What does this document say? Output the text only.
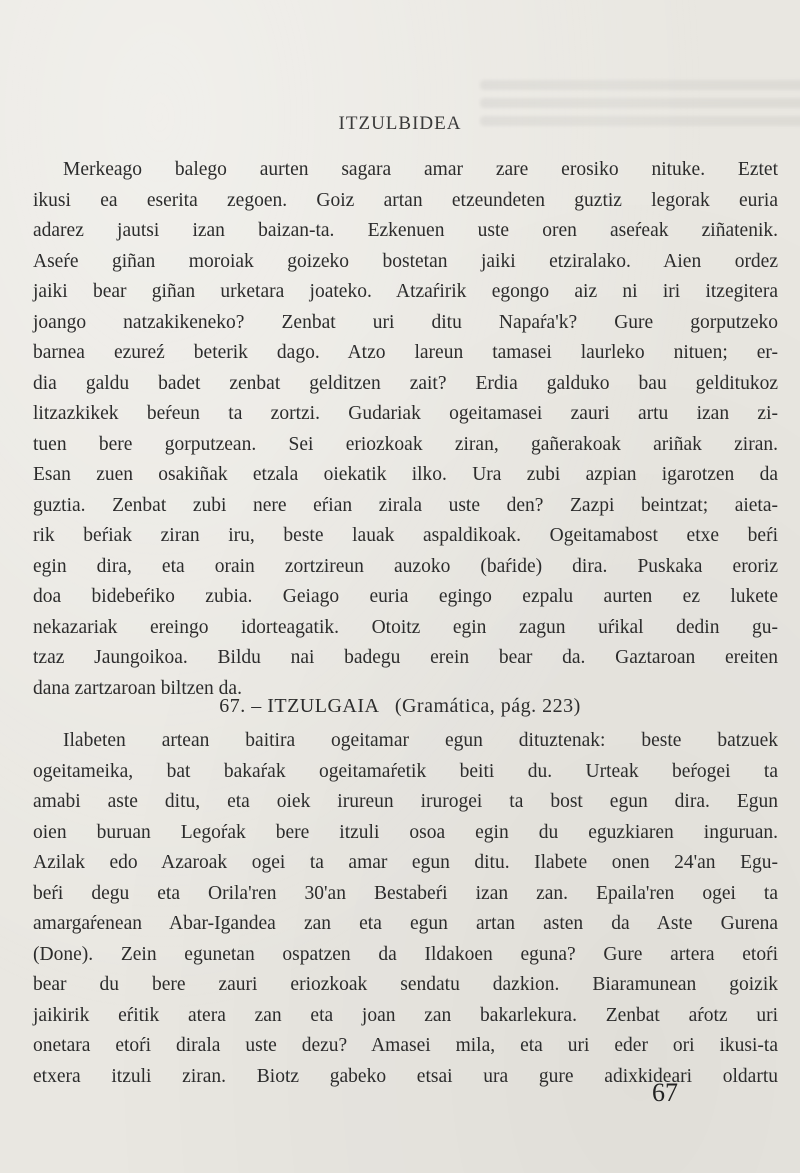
ITZULBIDEA
Merkeago balego aurten sagara amar zare erosiko nituke. Eztet
ikusi ea eserita zegoen. Goiz artan etzeundeten guztiz legorak euria
adarez jautsi izan baizan-ta. Ezkenuen uste oren aseŕeak ziñatenik.
Aseŕe giñan moroiak goizeko bostetan jaiki etziralako. Aien ordez
jaiki bear giñan urketara joateko. Atzaŕirik egongo aiz ni iri itzegitera
joango natzakikeneko? Zenbat uri ditu Napaŕa'k? Gure gorputzeko
barnea ezureź beterik dago. Atzo lareun tamasei laurleko nituen; er-
dia galdu badet zenbat gelditzen zait? Erdia galduko bau gelditukoz
litzazkikek beŕeun ta zortzi. Gudariak ogeitamasei zauri artu izan zi-
tuen bere gorputzean. Sei eriozkoak ziran, gañerakoak ariñak ziran.
Esan zuen osakiñak etzala oiekatik ilko. Ura zubi azpian igarotzen da
guztia. Zenbat zubi nere eŕian zirala uste den? Zazpi beintzat; aieta-
rik beŕiak ziran iru, beste lauak aspaldikoak. Ogeitamabost etxe beŕi
egin dira, eta orain zortzireun auzoko (baŕide) dira. Puskaka eroriz
doa bidebeŕiko zubia. Geiago euria egingo ezpalu aurten ez lukete
nekazariak ereingo idorteagatik. Otoitz egin zagun uŕikal dedin gu-
tzaz Jaungoikoa. Bildu nai badegu erein bear da. Gaztaroan ereiten
dana zartzaroan biltzen da.
67. – ITZULGAIA (Gramática, pág. 223)
Ilabeten artean baitira ogeitamar egun dituztenak: beste batzuek
ogeitameika, bat bakaŕak ogeitamaŕetik beiti du. Urteak beŕogei ta
amabi aste ditu, eta oiek irureun irurogei ta bost egun dira. Egun
oien buruan Legoŕak bere itzuli osoa egin du eguzkiaren inguruan.
Azilak edo Azaroak ogei ta amar egun ditu. Ilabete onen 24'an Egu-
beŕi degu eta Orila'ren 30'an Bestabeŕi izan zan. Epaila'ren ogei ta
amargaŕenean Abar-Igandea zan eta egun artan asten da Aste Gurena
(Done). Zein egunetan ospatzen da Ildakoen eguna? Gure artera etoŕi
bear du bere zauri eriozkoak sendatu dazkion. Biaramunean goizik
jaikirik eŕitik atera zan eta joan zan bakarlekura. Zenbat aŕotz uri
onetara etoŕi dirala uste dezu? Amasei mila, eta uri eder ori ikusi-ta
etxera itzuli ziran. Biotz gabeko etsai ura gure adixkideari oldartu
67
